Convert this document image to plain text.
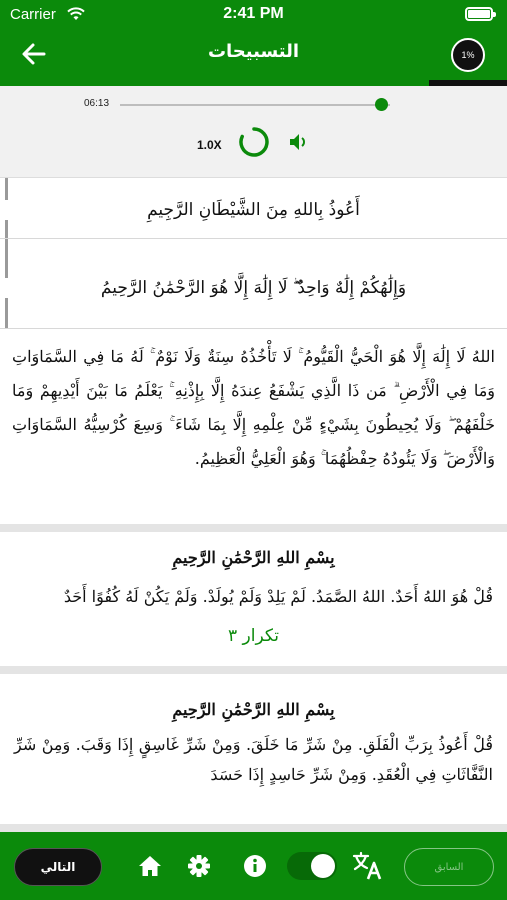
Carrier	2:41 PM
التسبيحات	1%
06:13
1.0X
أَعُوذُ بِاللهِ مِنَ الشَّيْطَانِ الرَّجِيمِ
وَإِلَٰهُكُمْ إِلَٰهٌ وَاحِدٌ ۖ لَا إِلَٰهَ إِلَّا هُوَ الرَّحْمَٰنُ الرَّحِيمُ
اللهُ لَا إِلَٰهَ إِلَّا هُوَ الْحَيُّ الْقَيُّومُ ۚ لَا تَأْخُذُهُ سِنَةٌ وَلَا نَوْمٌ ۚ لَهُ مَا فِي السَّمَاوَاتِ وَمَا فِي الْأَرْضِ ۗ مَن ذَا الَّذِي يَشْفَعُ عِندَهُ إِلَّا بِإِذْنِهِ ۚ يَعْلَمُ مَا بَيْنَ أَيْدِيهِمْ وَمَا خَلْفَهُمْ ۖ وَلَا يُحِيطُونَ بِشَيْءٍ مِّنْ عِلْمِهِ إِلَّا بِمَا شَاءَ ۚ وَسِعَ كُرْسِيُّهُ السَّمَاوَاتِ وَالْأَرْضَ ۖ وَلَا يَئُودُهُ حِفْظُهُمَا ۚ وَهُوَ الْعَلِيُّ الْعَظِيمُ.
بِسْمِ اللهِ الرَّحْمَٰنِ الرَّحِيمِ
قُلْ هُوَ اللهُ أَحَدٌ. اللهُ الصَّمَدُ. لَمْ يَلِدْ وَلَمْ يُولَدْ. وَلَمْ يَكُنْ لَهُ كُفُوًا أَحَدٌ
تكرار ٣
بِسْمِ اللهِ الرَّحْمَٰنِ الرَّحِيمِ
قُلْ أَعُوذُ بِرَبِّ الْفَلَقِ. مِنْ شَرِّ مَا خَلَقَ. وَمِنْ شَرِّ غَاسِقٍ إِذَا وَقَبَ. وَمِنْ شَرِّ النَّفَّاثَاتِ فِي الْعُقَدِ. وَمِنْ شَرِّ حَاسِدٍ إِذَا حَسَدَ
التالي	السابق
